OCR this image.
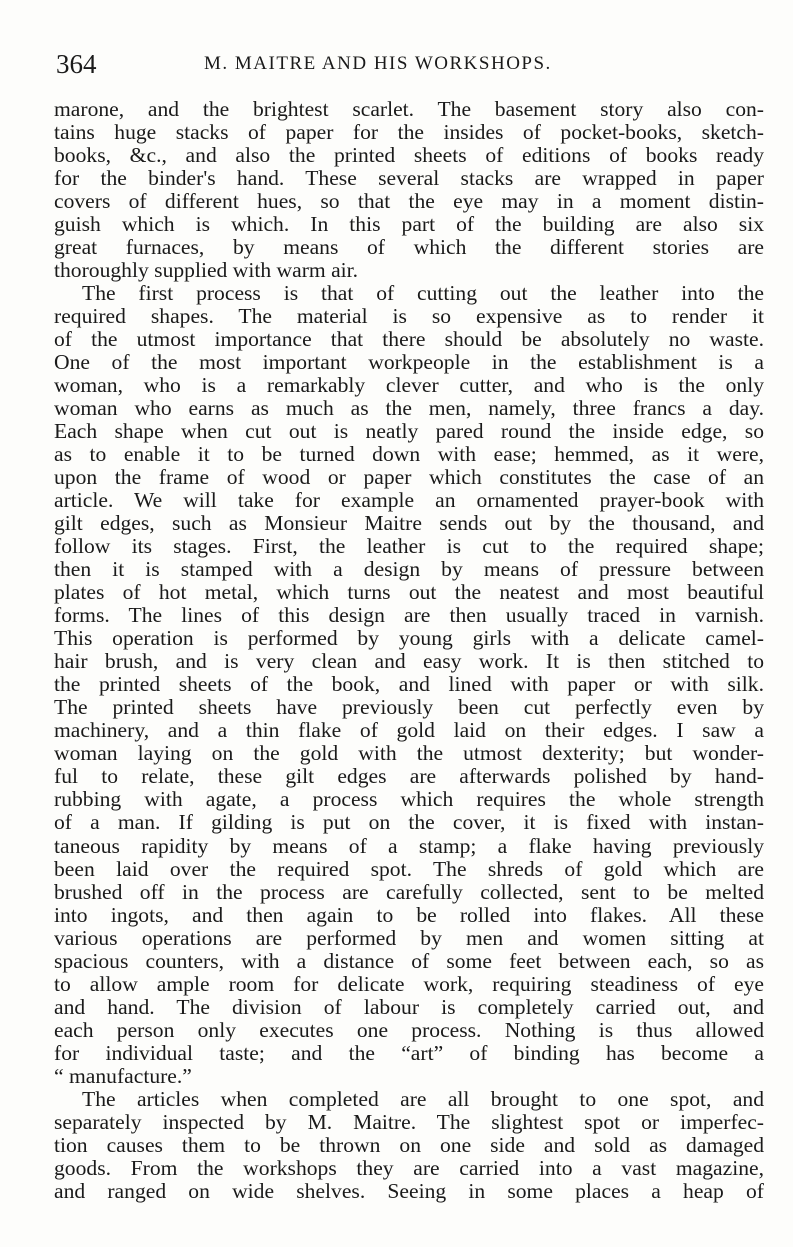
364	M. MAITRE AND HIS WORKSHOPS.
marone, and the brightest scarlet. The basement story also con-
tains huge stacks of paper for the insides of pocket-books, sketch-
books, &c., and also the printed sheets of editions of books ready
for the binder's hand. These several stacks are wrapped in paper
covers of different hues, so that the eye may in a moment distin-
guish which is which. In this part of the building are also six
great furnaces, by means of which the different stories are
thoroughly supplied with warm air.
The first process is that of cutting out the leather into the
required shapes. The material is so expensive as to render it
of the utmost importance that there should be absolutely no waste.
One of the most important workpeople in the establishment is a
woman, who is a remarkably clever cutter, and who is the only
woman who earns as much as the men, namely, three francs a day.
Each shape when cut out is neatly pared round the inside edge, so
as to enable it to be turned down with ease; hemmed, as it were,
upon the frame of wood or paper which constitutes the case of an
article. We will take for example an ornamented prayer-book with
gilt edges, such as Monsieur Maitre sends out by the thousand, and
follow its stages. First, the leather is cut to the required shape;
then it is stamped with a design by means of pressure between
plates of hot metal, which turns out the neatest and most beautiful
forms. The lines of this design are then usually traced in varnish.
This operation is performed by young girls with a delicate camel-
hair brush, and is very clean and easy work. It is then stitched to
the printed sheets of the book, and lined with paper or with silk.
The printed sheets have previously been cut perfectly even by
machinery, and a thin flake of gold laid on their edges. I saw a
woman laying on the gold with the utmost dexterity; but wonder-
ful to relate, these gilt edges are afterwards polished by hand-
rubbing with agate, a process which requires the whole strength
of a man. If gilding is put on the cover, it is fixed with instan-
taneous rapidity by means of a stamp; a flake having previously
been laid over the required spot. The shreds of gold which are
brushed off in the process are carefully collected, sent to be melted
into ingots, and then again to be rolled into flakes. All these
various operations are performed by men and women sitting at
spacious counters, with a distance of some feet between each, so as
to allow ample room for delicate work, requiring steadiness of eye
and hand. The division of labour is completely carried out, and
each person only executes one process. Nothing is thus allowed
for individual taste; and the “art” of binding has become a
“ manufacture.”
The articles when completed are all brought to one spot, and
separately inspected by M. Maitre. The slightest spot or imperfec-
tion causes them to be thrown on one side and sold as damaged
goods. From the workshops they are carried into a vast magazine,
and ranged on wide shelves. Seeing in some places a heap of
